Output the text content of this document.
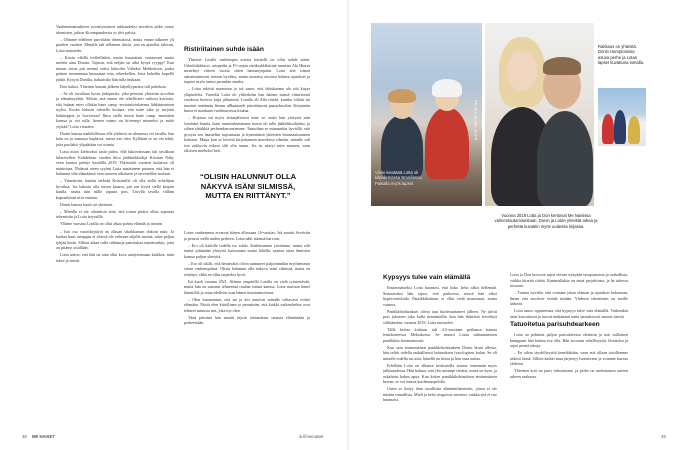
Vanhemmansuhteen syventymiseen rakkaudeksi tarvittiin pitkä ovaus ulemisten, joihon Kovanpanderisa ys tiivi palvia.

– Olimme edelleen parviitään tekemisissä, mutta emme näkneet yli puolien vuotten. Minulle tuli sellainen ihiviä, jota en ajatellut tulevan, Lotta muistelee.

– Kirsin välillä treffeillakin, mutta huomaisin vertaavani muita miehiä aina Doniin. Tajusin, että neljän on aika kysyä ryyppy! Kun minun sitten piti mennä eräisi lukioiltu Vähoksi Mehkoksen, jonka pääsen treenamaan huomatan sota, tekeekellen. Jotta kokeilin kopellä jäätiä. Kysyin Donilta, haluaisiko hän tulla mukaan.

Don halusi. Yhteisen kuman jälkeen häjeillyparitse tuli puheksia.

– Se oli tavallaan hyvin järkiperäis, joka perustui yhteisiin arvoihin ja elämänryöhin. Silloin, että emme ole rebelliseeti vaikosa kuvioita, että huhaat mies ollakin haue camp -arviointiriokaensa lähkäsimeisen tyylin. Koska halusin odotella kotiaaa, että tulee aika ja tavjoita haluttoppia ja liuvoiotaa! Ikisa siellä missä hane camp -mueatten kanssa ja voi tulla, hemen vaimo on kiivennyt mieneksi ja mitäi ytyttää? Lotta viisaalee.

Donin kanssa mahdollisuus olla yhdessä on ulemassa vei tavalla, hän häin on jo samassa kuplassa, missä itse olen. Kylläiän se on ola tehtä, jotta puolaksi ylipäätään voi toimia.

Lotta asioo kielsivästi assiä pidoo, ellä lukiovaissaan tuli tavallaan kilasivellen. Kahdeksan vuoden liitto jäähkiekkoilija Kristian Näky veen kanssa päättyi keväällä 2019. Yhteistäöt vuosien kuluessa oli nainisisaa. Yhdessä oteen syyhni Lotta nuaiaineen puonen, että hän ei halunnut olla elämäänsä vain tuoreen aikaiseen ja tarvittelilee molaan.

– Ymmärrän, kuinka tärkeää Kristiasille oli olla siellä urheilijan hyväksa. Jos halusin olla toisen kanssa, piti sen kyytä siellä kaipiin kuulla, mutta niin niille tapasin pois. Tavyllä tavalla välläm kapeaslottaa niin vaimon.

Donin kanssa kuuls on yhteinen.

– Mieulla ei ole odotuksia siitä, että toisen pitäisi olluu separtaa tekemisiin ja Lotta ärtyssillä.

Ylläme vuosina Lotalla on ollut aikaa pohtia elämää ja itseään.

– Isoi osa vuoritkejalyöt on olkuan sikäkhansan ohkoin miin. Ja kuulaa haus camppaa ei yhessä ole vahvaan siljelle mettaa, taloe paljon tyhjää kerää. Silloin aikaa tulla vähäsinja paasttukaa tuntemuskin, jotta on pitänyt sisällään.

Lotta uskoo, että hän on aina ollut kova analysoimaan kaikkea, mitä tekee ja mietti.

Ristiriitainen suhde isään

Yhteiset Lotalle vaikeimpia asioita käsitelli on ollut suhde isään. Urheiluläättarei, ortopedia ja F1-sarjan rattikorkläkärinä tunnettu Aki Hintsa menehtyi viiteen vuotta sitten haimasyöpään. Lotta että isänsä samaistamiseni vieteen hyväksi, mutta monissa asioissa häänen ajatukset ja tarpeet myös tuntui perunkin omalta.

– Lotta tekivät maaseran ja isä sanoi, että lahiskaama ala sitä kirjaa yläpuolelta. Vuorella Lotta oli ylikerkeim han häinen isänsä viimeisestä vuodesta herteva kirja jähmiestä. Lotalla oli Alla tiistää, kuinka viiläin isä maaiset rentämän lietsan ullkanisselt pärsittäsessä paasteluvalan. Kirjaaniin kutoa ei maakaan vuolittutoessa kiukaa.

– Kirjassa isä myös alitaajältoivat mise se, mitei hän yhteystä niin fyisäsäni hanita. Isäni tunnetuksetamme tuorse oli tulla jääkiekkoilijaksi, ja siihen yhtäkkiä perheenharrastemme. Tuntuihan se minuunkin hyväillä, että pystyin sen haasteltin tarjoamaan ja hymistänsä yhteisien hiiunsaatoaamen kohtaen. Mutta kun se lievittä kirjoittaneen muodossa silmäin, minulle tuli isoi askhyvin riikesa silti olin tunnu. Jos isi näytyi mies muuten, vaan olloisen mieheksi heti.

“OLISIN HALUNNUT OLLA NÄKYVÄ ISÄNI SILMISSÄ, MUTTA EN RIITTÄNYT.”

Lotan vanhemmat eroatvat hänen ollessaan 16-vuotias. Isä muutti Sveitsiin ja perusti siellä uuden perheen. Lotta näki isäänsä harvoin.

– Ero oli kaikille todella iso sokki. Kaikkeamme yrittimme, mutta silti tuntui pitämään yhteyttä kuistonaan mutta lähellä, saattaa ottaa ihmisten kanssa paljon yhteyttä.

– Ero oli sikäli, että heinävalat olivat tuntuneet paljoimmikin myöhemmin sinun vanhempiinsa. Olisin halunnut olla näkyvä isäni silmissä, mutta en riittänyt, ehkä en ollut tarpeeksi hyvä.

Isä kuoli vuonna 2021. Aiheen ympärillä Lotalla on vielä työstettävää, mutta hän on sanonut tehneensä rauhan isänsä kanssa. Lotta muistaa hänet lämmöllä ja ottaa edelleen osaa hänen muistamiseensa.

– Olen huomannut, että isä ja äiti antoivat minulle valtavasti eväitä elämään. Niistä olen kiitollinen ja ymmärrän, että kaikki vaikeudetkin ovat tehneet minusta sen, joka nyt olen.

Tänä päivänä hän nauttii täysin siemauksin omasta elämästään ja perheestään.

Viime keväänä Lotta oli kilpailemassa Brasiliassa. Paikalla myös lapset.
KUVA: LOTTA HINTSA
Vuonna 2019 Lotta ja Don kertoivat Me Naisissa valmentautumisestaan. Donin ja Lotan yhteistä arkea ja perhettä kuvattiin myös uudessa kirjassa.
Rakkaus on yhteistä. Donin Hamptonissa asuva perhe ja Lotan lapset kuvattuna lomalla.
Kypsyys tulee vain elämällä

Ensimmäiseksi Lotta huomasi, että koko keho alkoi hellentää. Seuraavaksi hän tajusi, että paikoissa, missä hän aikoi hyperventiloida. Paniikkikohtaus ei ollut vielä muuttunut, mutta vaimoa.

Paniikkihohtaukset olivat taas huolestuttaneet jälleen. Ne jäivät pois jokaisen joka kulla tienamioilla, kun hän lähteissä tervehtyä välittämään, vuonna 2019, Lotta muistelee.

Tällä kertaa kohtaus tuli 4,5-vuotiaan poikansa kanssa lentokoneessa Meksikossa. Se muutti Lotan suhtautumisen paniikkiin huomattavasti.

Kun sain ensimmäisen paniikkikohtauksen Donin läsnä ollessa, hän selitti todella rauhallisesti kohtauksen fysiologisen kulun. Se oli minulle todella iso asia, hänellä on tietoa ja hän osaa auttaa.

Erlellään Lotta on alkanut keskustella asiasta enemmän myös julkisuudessa. Hän haluaa, että yhä useampi tietäisi, mistä on kyse, ja uskaltaisi hakea apua. Kun kokee paniikkikohtauksen ensimmäisen kerran, se voi tuntua kuolemanpelolta.

Usein se liittyy ihan tavallisiin elämäntilanteisiin, joissa ei ole mitään vaarallista. Mieli ja keho reagoivat stressiin, vaikka sitä ei itse huomaisi.

Lotta ja Don kertovat arjen olevan nykyään tasapainoista ja rauhallista, vaikka kiirettä riittää. Kummallakin on omat projektinsa, ja he tukevat toisiaan.

– Tuntuu hyvältä, että voimme jakaa elämän ja ajatukset kokonaan, ilman että tarvitsee esittää mitään. Yhdessä tekeminen on meille tärkeää.

Lotta sanoo oppineensa, että kypsyys tulee vain elämällä. Vaikeatkin asiat kasvattavat ja tuovat mukanaan uutta ymmärrystä omasta itsestä.

Tatuoitetua parisuhdearkeen

Lotta on pohtinut paljon parisuhteessa olemista ja sitä, millainen kumppani hän haluaa itse olla. Hän arvostaa rehellisyyttä, läsnäoloa ja arjen pieniä tekoja.

– En odota täydellisyyttä keneltäkään, vaan että ollaan toisillemme aidosti läsnä. Silloin kaikki muu järjestyy luontevasti ja voimme kasvaa yhdessä.

Yhteinen koti on juuri valmistunut, ja perhe on asettumassa uuteen arkeen rauhassa.

48 ME NAISET	is.fi/menaiset	49
